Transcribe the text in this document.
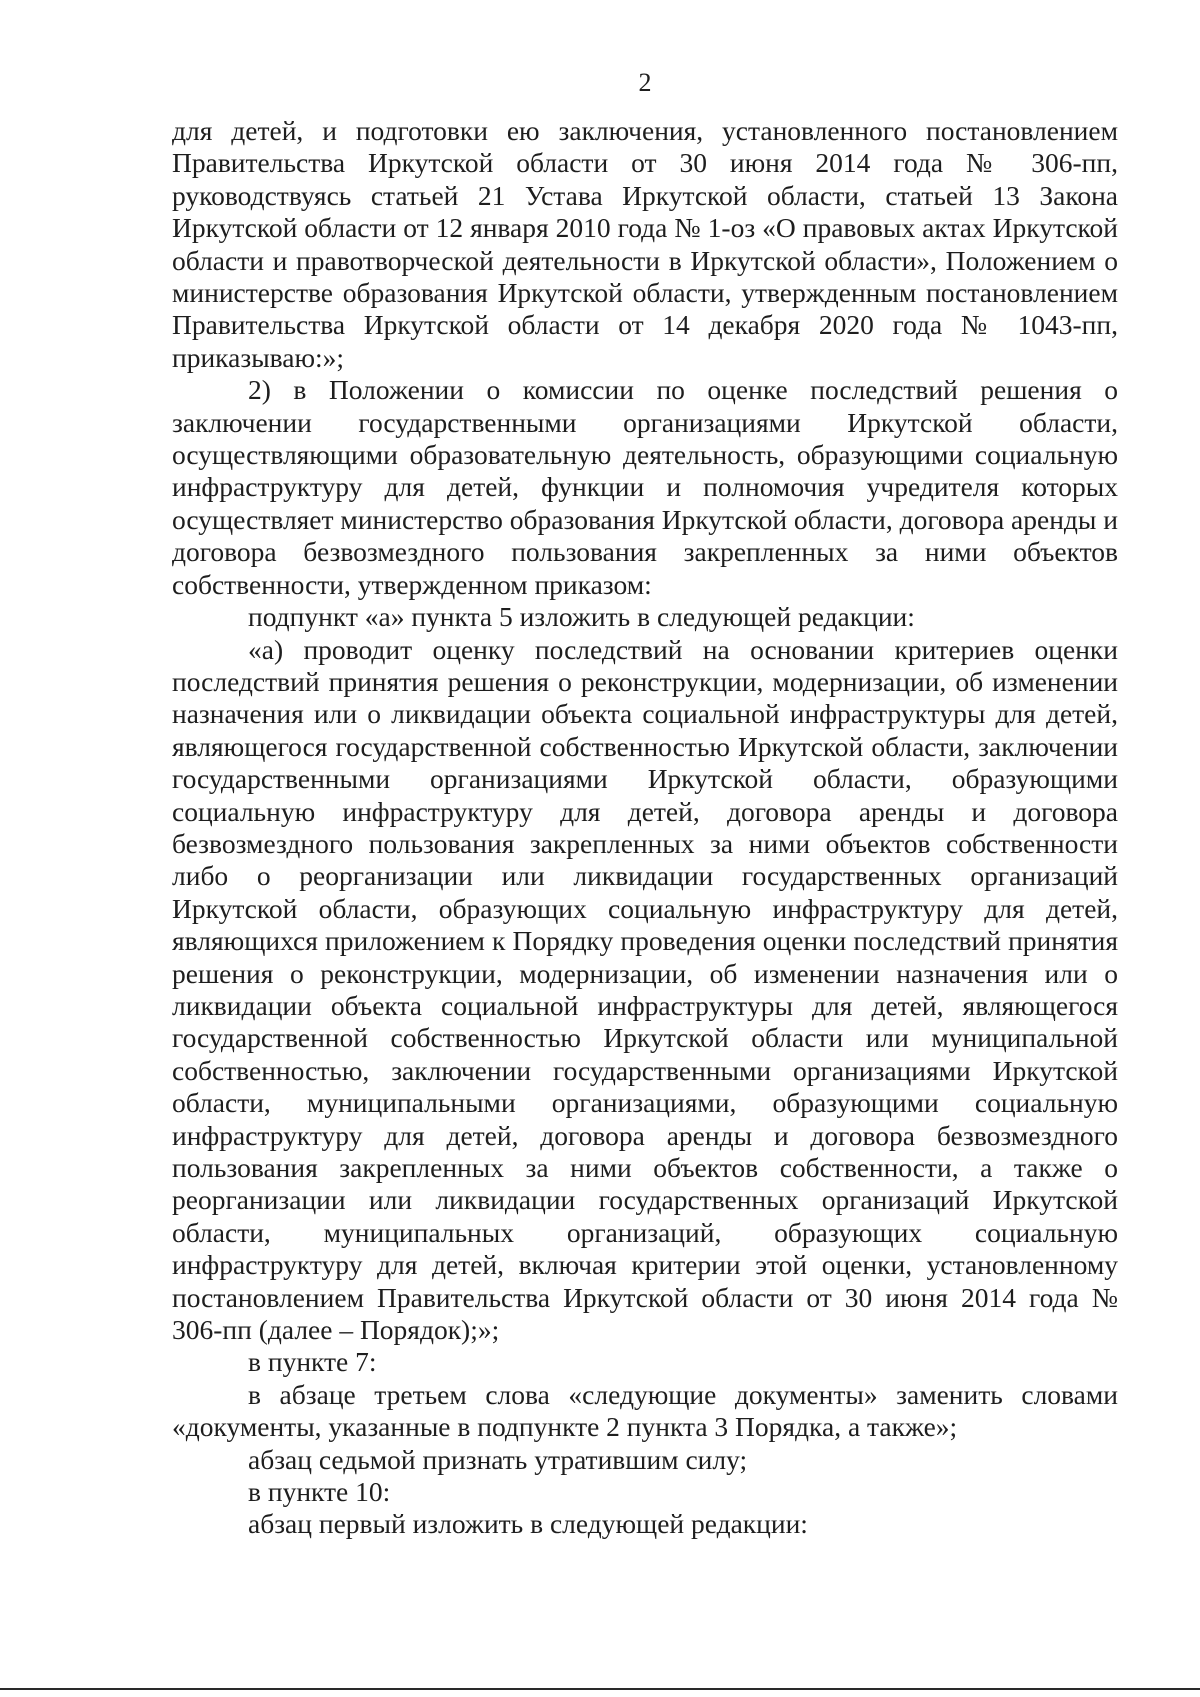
2

для детей, и подготовки ею заключения, установленного постановлением Правительства Иркутской области от 30 июня 2014 года № 306-пп, руководствуясь статьей 21 Устава Иркутской области, статьей 13 Закона Иркутской области от 12 января 2010 года № 1-оз «О правовых актах Иркутской области и правотворческой деятельности в Иркутской области», Положением о министерстве образования Иркутской области, утвержденным постановлением Правительства Иркутской области от 14 декабря 2020 года № 1043-пп, приказываю:»;

2) в Положении о комиссии по оценке последствий решения о заключении государственными организациями Иркутской области, осуществляющими образовательную деятельность, образующими социальную инфраструктуру для детей, функции и полномочия учредителя которых осуществляет министерство образования Иркутской области, договора аренды и договора безвозмездного пользования закрепленных за ними объектов собственности, утвержденном приказом:

подпункт «а» пункта 5 изложить в следующей редакции:

«а) проводит оценку последствий на основании критериев оценки последствий принятия решения о реконструкции, модернизации, об изменении назначения или о ликвидации объекта социальной инфраструктуры для детей, являющегося государственной собственностью Иркутской области, заключении государственными организациями Иркутской области, образующими социальную инфраструктуру для детей, договора аренды и договора безвозмездного пользования закрепленных за ними объектов собственности либо о реорганизации или ликвидации государственных организаций Иркутской области, образующих социальную инфраструктуру для детей, являющихся приложением к Порядку проведения оценки последствий принятия решения о реконструкции, модернизации, об изменении назначения или о ликвидации объекта социальной инфраструктуры для детей, являющегося государственной собственностью Иркутской области или муниципальной собственностью, заключении государственными организациями Иркутской области, муниципальными организациями, образующими социальную инфраструктуру для детей, договора аренды и договора безвозмездного пользования закрепленных за ними объектов собственности, а также о реорганизации или ликвидации государственных организаций Иркутской области, муниципальных организаций, образующих социальную инфраструктуру для детей, включая критерии этой оценки, установленному постановлением Правительства Иркутской области от 30 июня 2014 года № 306-пп (далее – Порядок);»;

в пункте 7:

в абзаце третьем слова «следующие документы» заменить словами «документы, указанные в подпункте 2 пункта 3 Порядка, а также»;

абзац седьмой признать утратившим силу;

в пункте 10:

абзац первый изложить в следующей редакции:
